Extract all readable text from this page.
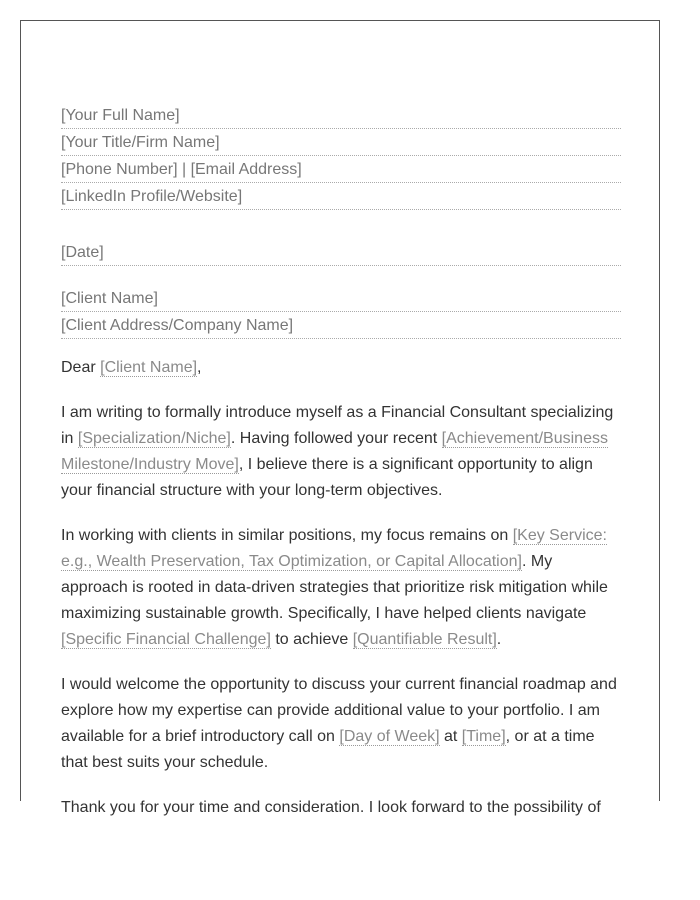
[Your Full Name]
[Your Title/Firm Name]
[Phone Number] | [Email Address]
[LinkedIn Profile/Website]
[Date]
[Client Name]
[Client Address/Company Name]
Dear [Client Name],

I am writing to formally introduce myself as a Financial Consultant specializing in [Specialization/Niche]. Having followed your recent [Achievement/Business Milestone/Industry Move], I believe there is a significant opportunity to align your financial structure with your long-term objectives.

In working with clients in similar positions, my focus remains on [Key Service: e.g., Wealth Preservation, Tax Optimization, or Capital Allocation]. My approach is rooted in data-driven strategies that prioritize risk mitigation while maximizing sustainable growth. Specifically, I have helped clients navigate [Specific Financial Challenge] to achieve [Quantifiable Result].

I would welcome the opportunity to discuss your current financial roadmap and explore how my expertise can provide additional value to your portfolio. I am available for a brief introductory call on [Day of Week] at [Time], or at a time that best suits your schedule.

Thank you for your time and consideration. I look forward to the possibility of
